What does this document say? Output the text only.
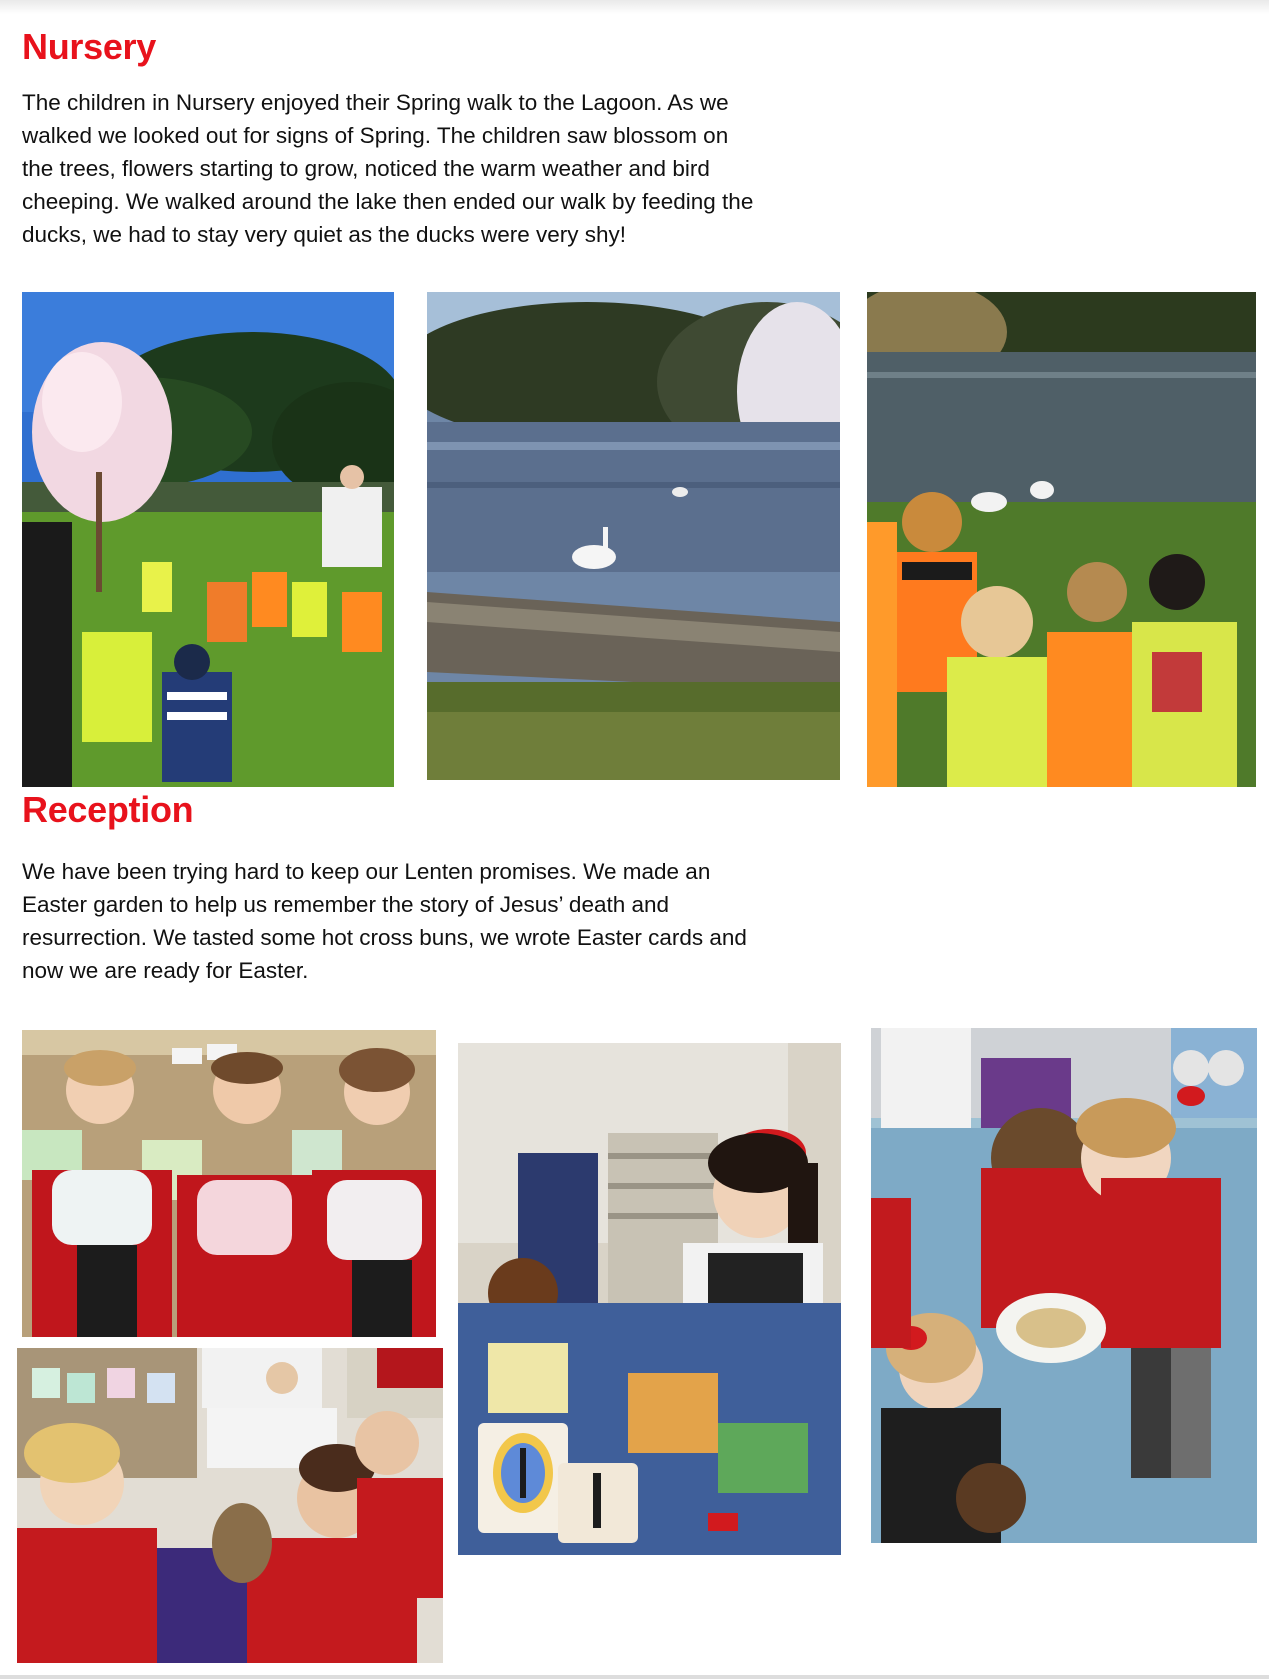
Nursery

The children in Nursery enjoyed their Spring walk to the Lagoon. As we walked we looked out for signs of Spring. The children saw blossom on the trees, flowers starting to grow, noticed the warm weather and bird cheeping. We walked around the lake then ended our walk by feeding the ducks, we had to stay very quiet as the ducks were very shy!

Reception

We have been trying hard to keep our Lenten promises. We made an Easter garden to help us remember the story of Jesus’ death and resurrection. We tasted some hot cross buns, we wrote Easter cards and now we are ready for Easter.
